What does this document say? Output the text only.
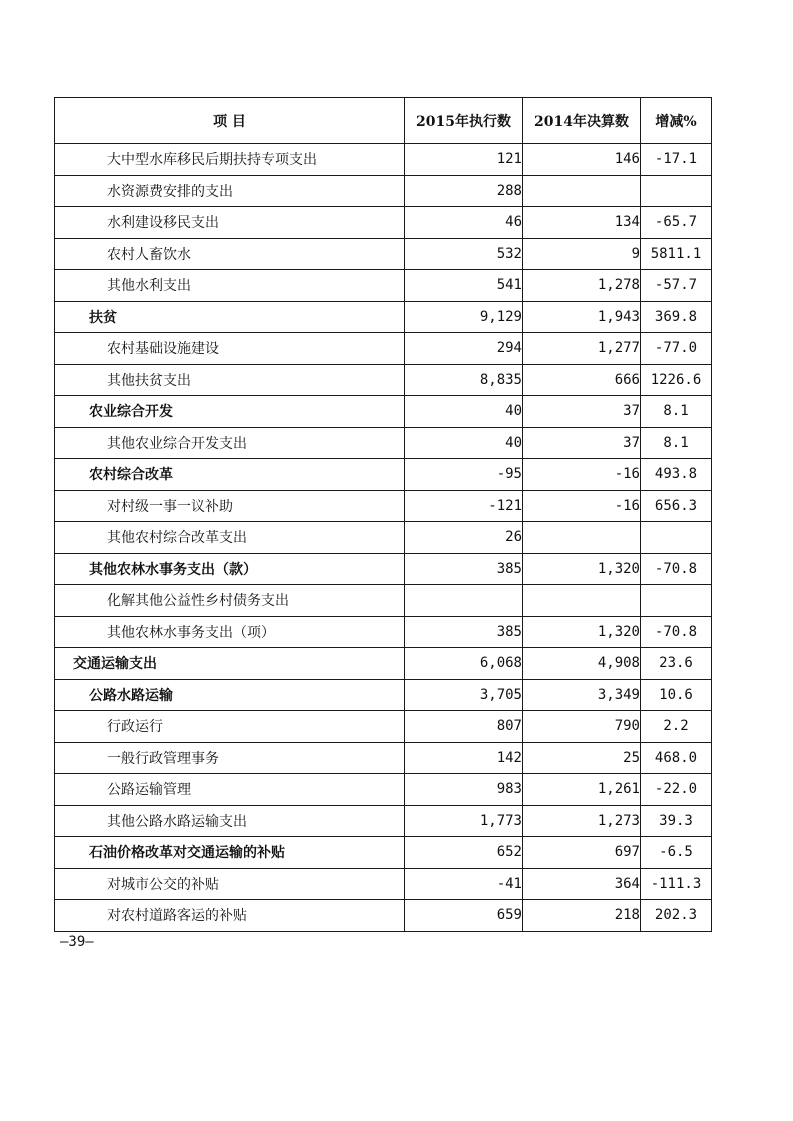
项 目	2015年执行数	2014年决算数	增减%
大中型水库移民后期扶持专项支出	121	146	-17.1
水资源费安排的支出	288		
水利建设移民支出	46	134	-65.7
农村人畜饮水	532	9	5811.1
其他水利支出	541	1,278	-57.7
扶贫	9,129	1,943	369.8
农村基础设施建设	294	1,277	-77.0
其他扶贫支出	8,835	666	1226.6
农业综合开发	40	37	8.1
其他农业综合开发支出	40	37	8.1
农村综合改革	-95	-16	493.8
对村级一事一议补助	-121	-16	656.3
其他农村综合改革支出	26		
其他农林水事务支出（款）	385	1,320	-70.8
化解其他公益性乡村债务支出			
其他农林水事务支出（项）	385	1,320	-70.8
交通运输支出	6,068	4,908	23.6
公路水路运输	3,705	3,349	10.6
行政运行	807	790	2.2
一般行政管理事务	142	25	468.0
公路运输管理	983	1,261	-22.0
其他公路水路运输支出	1,773	1,273	39.3
石油价格改革对交通运输的补贴	652	697	-6.5
对城市公交的补贴	-41	364	-111.3
对农村道路客运的补贴	659	218	202.3
—39—
